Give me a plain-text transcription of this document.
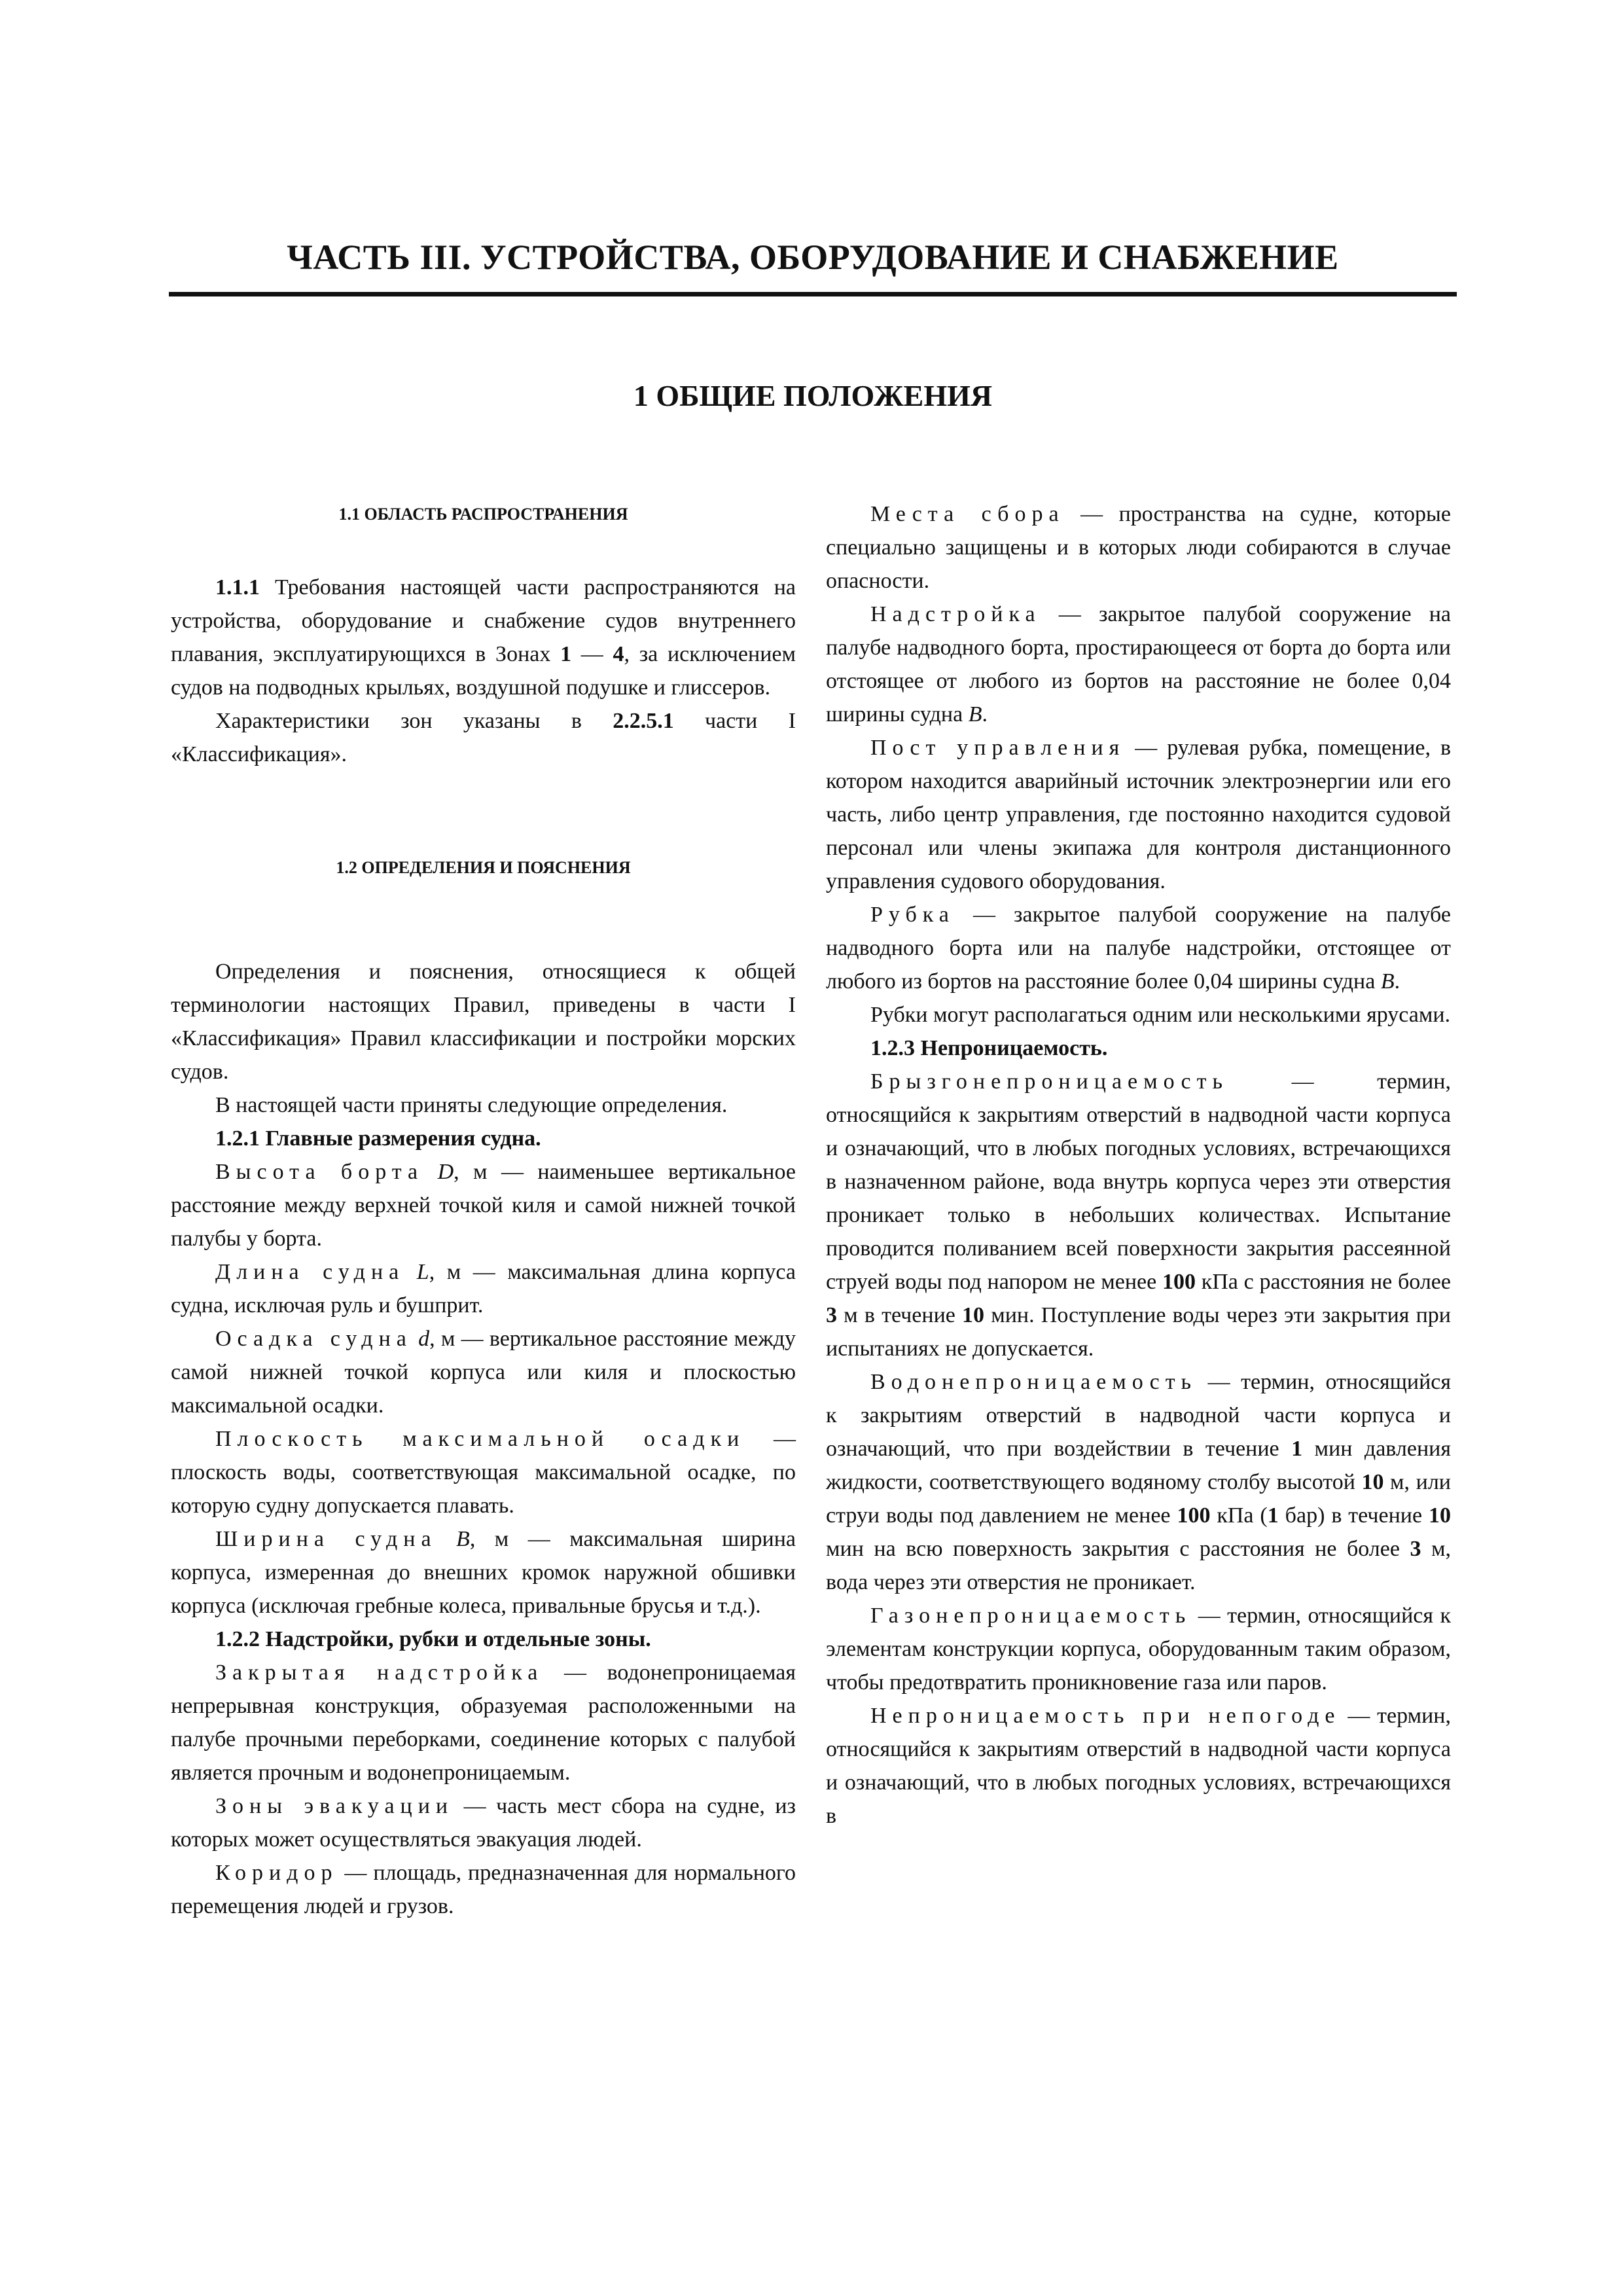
ЧАСТЬ III. УСТРОЙСТВА, ОБОРУДОВАНИЕ И СНАБЖЕНИЕ
1 ОБЩИЕ ПОЛОЖЕНИЯ

1.1 ОБЛАСТЬ РАСПРОСТРАНЕНИЯ

1.1.1 Требования настоящей части распространяются на устройства, оборудование и снабжение судов внутреннего плавания, эксплуатирующихся в Зонах 1 — 4, за исключением судов на подводных крыльях, воздушной подушке и глиссеров.

Характеристики зон указаны в 2.2.5.1 части I «Классификация».

1.2 ОПРЕДЕЛЕНИЯ И ПОЯСНЕНИЯ

Определения и пояснения, относящиеся к общей терминологии настоящих Правил, приведены в части I «Классификация» Правил классификации и постройки морских судов.

В настоящей части приняты следующие определения.

1.2.1 Главные размерения судна.

Высота борта D, м — наименьшее вертикальное расстояние между верхней точкой киля и самой нижней точкой палубы у борта.

Длина судна L, м — максимальная длина корпуса судна, исключая руль и бушприт.

Осадка судна d, м — вертикальное расстояние между самой нижней точкой корпуса или киля и плоскостью максимальной осадки.

Плоскость максимальной осадки — плоскость воды, соответствующая максимальной осадке, по которую судну допускается плавать.

Ширина судна B, м — максимальная ширина корпуса, измеренная до внешних кромок наружной обшивки корпуса (исключая гребные колеса, привальные брусья и т.д.).

1.2.2 Надстройки, рубки и отдельные зоны.

Закрытая надстройка — водонепроницаемая непрерывная конструкция, образуемая расположенными на палубе прочными переборками, соединение которых с палубой является прочным и водонепроницаемым.

Зоны эвакуации — часть мест сбора на судне, из которых может осуществляться эвакуация людей.

Коридор — площадь, предназначенная для нормального перемещения людей и грузов.

Места сбора — пространства на судне, которые специально защищены и в которых люди собираются в случае опасности.

Надстройка — закрытое палубой сооружение на палубе надводного борта, простирающееся от борта до борта или отстоящее от любого из бортов на расстояние не более 0,04 ширины судна B.

Пост управления — рулевая рубка, помещение, в котором находится аварийный источник электроэнергии или его часть, либо центр управления, где постоянно находится судовой персонал или члены экипажа для контроля дистанционного управления судового оборудования.

Рубка — закрытое палубой сооружение на палубе надводного борта или на палубе надстройки, отстоящее от любого из бортов на расстояние более 0,04 ширины судна B.

Рубки могут располагаться одним или несколькими ярусами.

1.2.3 Непроницаемость.

Брызгонепроницаемость — термин, относящийся к закрытиям отверстий в надводной части корпуса и означающий, что в любых погодных условиях, встречающихся в назначенном районе, вода внутрь корпуса через эти отверстия проникает только в небольших количествах. Испытание проводится поливанием всей поверхности закрытия рассеянной струей воды под напором не менее 100 кПа с расстояния не более 3 м в течение 10 мин. Поступление воды через эти закрытия при испытаниях не допускается.

Водонепроницаемость — термин, относящийся к закрытиям отверстий в надводной части корпуса и означающий, что при воздействии в течение 1 мин давления жидкости, соответствующего водяному столбу высотой 10 м, или струи воды под давлением не менее 100 кПа (1 бар) в течение 10 мин на всю поверхность закрытия с расстояния не более 3 м, вода через эти отверстия не проникает.

Газонепроницаемость — термин, относящийся к элементам конструкции корпуса, оборудованным таким образом, чтобы предотвратить проникновение газа или паров.

Непроницаемость при непогоде — термин, относящийся к закрытиям отверстий в надводной части корпуса и означающий, что в любых погодных условиях, встречающихся в
